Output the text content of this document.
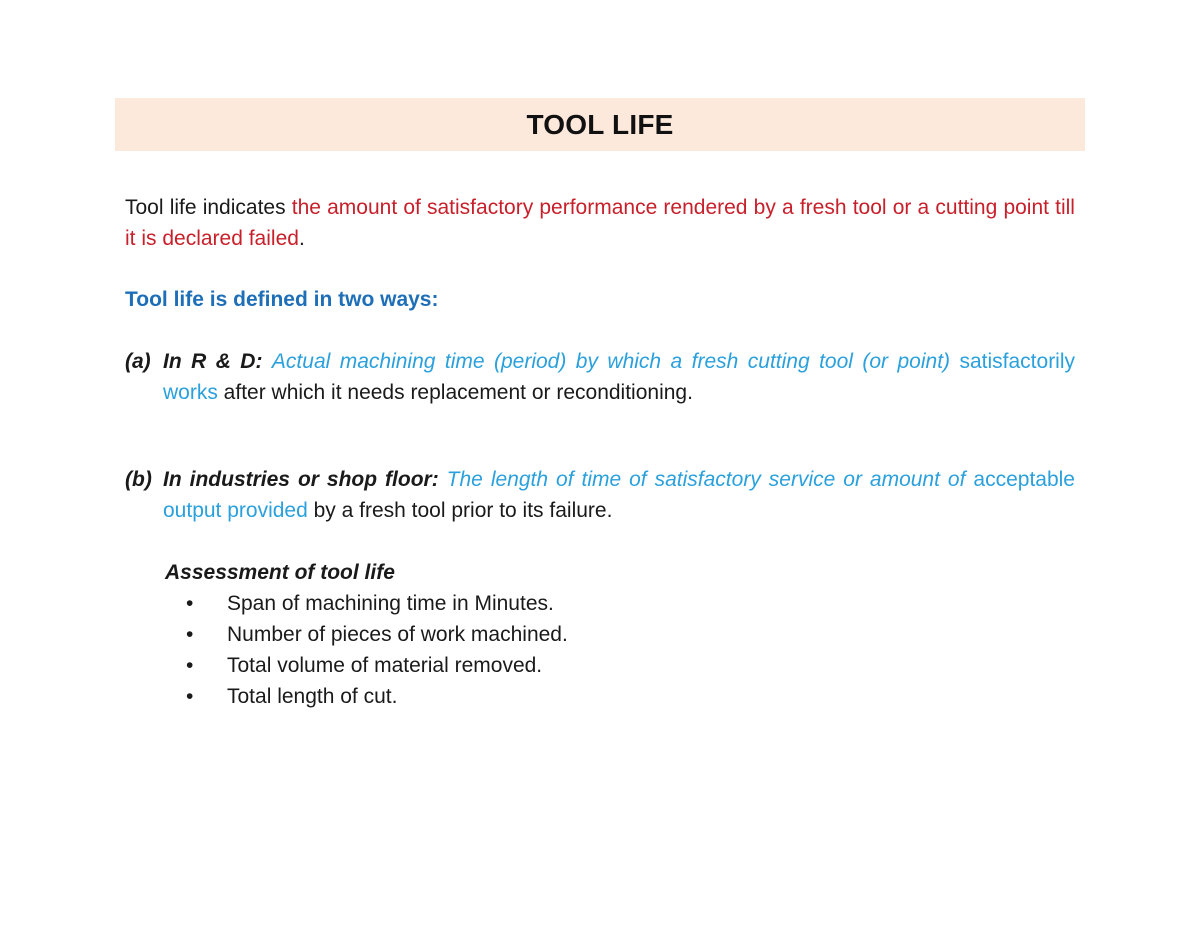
TOOL LIFE

Tool life indicates the amount of satisfactory performance rendered by a fresh tool or a cutting point till it is declared failed.

Tool life is defined in two ways:

(a) In R & D: Actual machining time (period) by which a fresh cutting tool (or point) satisfactorily works after which it needs replacement or reconditioning.
(b) In industries or shop floor: The length of time of satisfactory service or amount of acceptable output provided by a fresh tool prior to its failure.

Assessment of tool life

•	Span of machining time in Minutes.
•	Number of pieces of work machined.
•	Total volume of material removed.
•	Total length of cut.
